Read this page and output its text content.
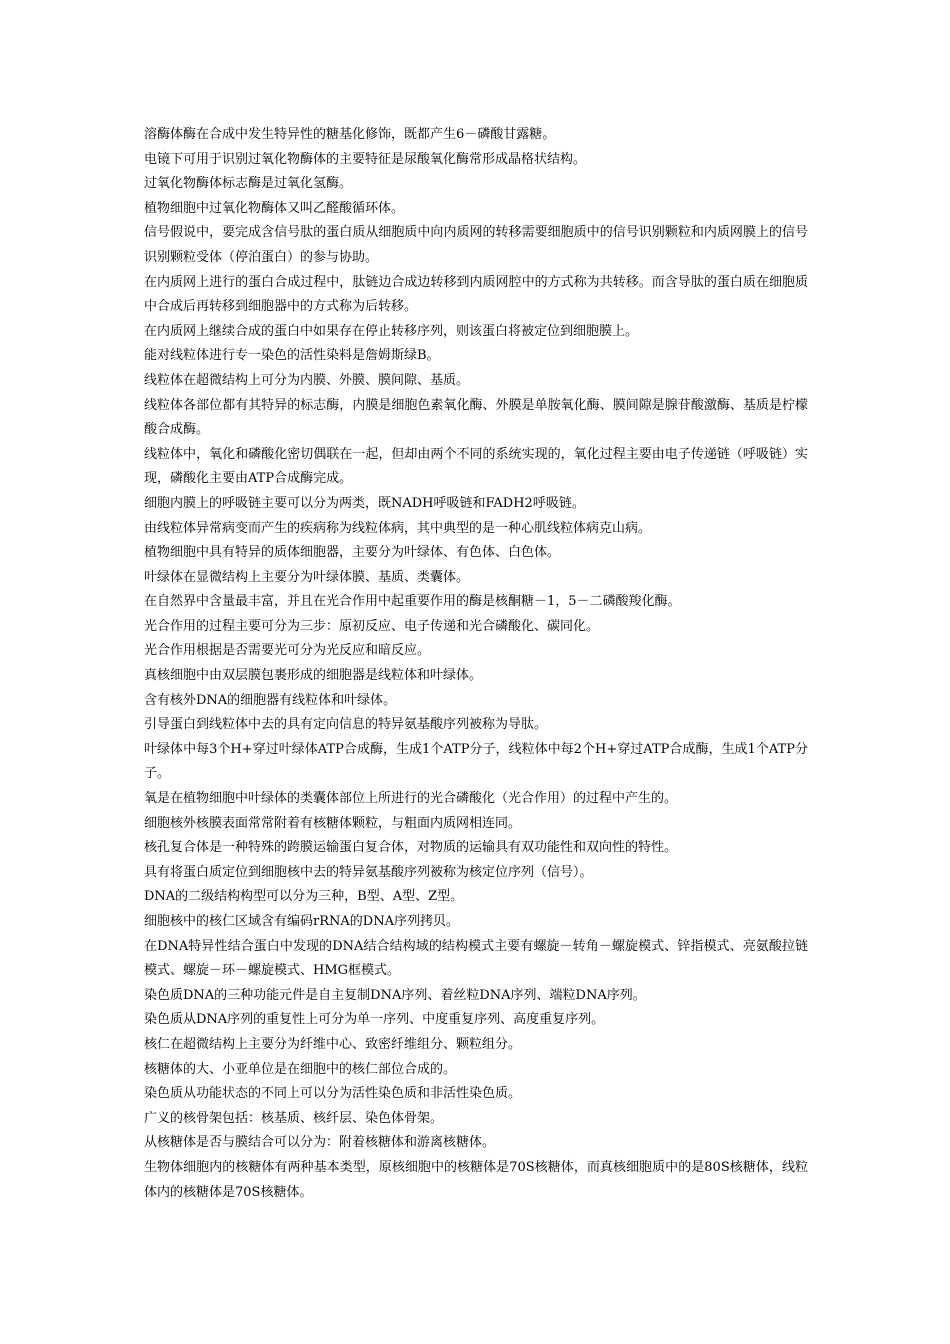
溶酶体酶在合成中发生特异性的糖基化修饰，既都产生6－磷酸甘露糖。

电镜下可用于识别过氧化物酶体的主要特征是尿酸氧化酶常形成晶格状结构。

过氧化物酶体标志酶是过氧化氢酶。

植物细胞中过氧化物酶体又叫乙醛酸循环体。

信号假说中，要完成含信号肽的蛋白质从细胞质中向内质网的转移需要细胞质中的信号识别颗粒和内质网膜上的信号识别颗粒受体（停泊蛋白）的参与协助。

在内质网上进行的蛋白合成过程中，肽链边合成边转移到内质网腔中的方式称为共转移。而含导肽的蛋白质在细胞质中合成后再转移到细胞器中的方式称为后转移。

在内质网上继续合成的蛋白中如果存在停止转移序列，则该蛋白将被定位到细胞膜上。

能对线粒体进行专一染色的活性染料是詹姆斯绿B。

线粒体在超微结构上可分为内膜、外膜、膜间隙、基质。

线粒体各部位都有其特异的标志酶，内膜是细胞色素氧化酶、外膜是单胺氧化酶、膜间隙是腺苷酸激酶、基质是柠檬酸合成酶。

线粒体中，氧化和磷酸化密切偶联在一起，但却由两个不同的系统实现的，氧化过程主要由电子传递链（呼吸链）实现，磷酸化主要由ATP合成酶完成。

细胞内膜上的呼吸链主要可以分为两类，既NADH呼吸链和FADH2呼吸链。

由线粒体异常病变而产生的疾病称为线粒体病，其中典型的是一种心肌线粒体病克山病。

植物细胞中具有特异的质体细胞器，主要分为叶绿体、有色体、白色体。

叶绿体在显微结构上主要分为叶绿体膜、基质、类囊体。

在自然界中含量最丰富，并且在光合作用中起重要作用的酶是核酮糖－1，5－二磷酸羧化酶。

光合作用的过程主要可分为三步：原初反应、电子传递和光合磷酸化、碳同化。

光合作用根据是否需要光可分为光反应和暗反应。

真核细胞中由双层膜包裹形成的细胞器是线粒体和叶绿体。

含有核外DNA的细胞器有线粒体和叶绿体。

引导蛋白到线粒体中去的具有定向信息的特异氨基酸序列被称为导肽。

叶绿体中每3个H+穿过叶绿体ATP合成酶，生成1个ATP分子，线粒体中每2个H+穿过ATP合成酶，生成1个ATP分子。

氧是在植物细胞中叶绿体的类囊体部位上所进行的光合磷酸化（光合作用）的过程中产生的。

细胞核外核膜表面常常附着有核糖体颗粒，与粗面内质网相连同。

核孔复合体是一种特殊的跨膜运输蛋白复合体，对物质的运输具有双功能性和双向性的特性。

具有将蛋白质定位到细胞核中去的特异氨基酸序列被称为核定位序列（信号）。

DNA的二级结构构型可以分为三种，B型、A型、Z型。

细胞核中的核仁区域含有编码rRNA的DNA序列拷贝。

在DNA特异性结合蛋白中发现的DNA结合结构域的结构模式主要有螺旋－转角－螺旋模式、锌指模式、亮氨酸拉链模式、螺旋－环－螺旋模式、HMG框模式。

染色质DNA的三种功能元件是自主复制DNA序列、着丝粒DNA序列、端粒DNA序列。

染色质从DNA序列的重复性上可分为单一序列、中度重复序列、高度重复序列。

核仁在超微结构上主要分为纤维中心、致密纤维组分、颗粒组分。

核糖体的大、小亚单位是在细胞中的核仁部位合成的。

染色质从功能状态的不同上可以分为活性染色质和非活性染色质。

广义的核骨架包括：核基质、核纤层、染色体骨架。

从核糖体是否与膜结合可以分为：附着核糖体和游离核糖体。

生物体细胞内的核糖体有两种基本类型，原核细胞中的核糖体是70S核糖体，而真核细胞质中的是80S核糖体，线粒体内的核糖体是70S核糖体。
